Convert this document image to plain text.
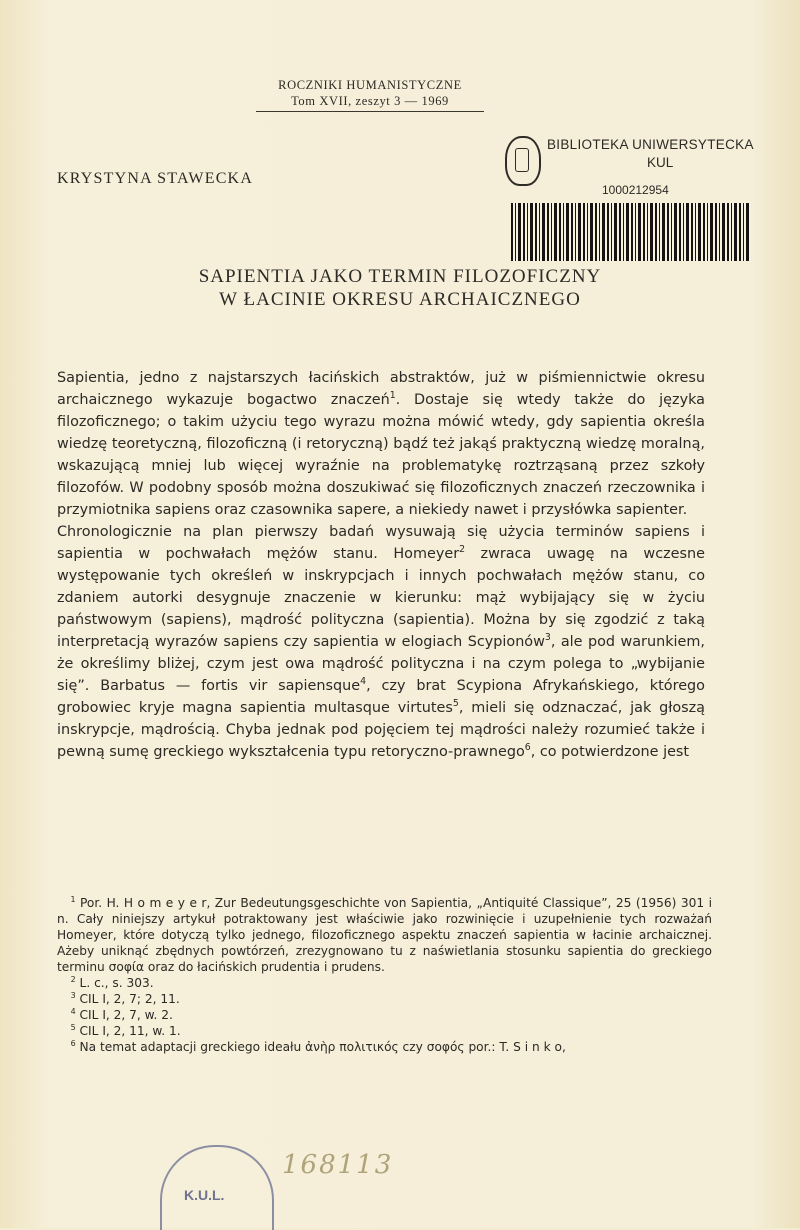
ROCZNIKI HUMANISTYCZNE
Tom XVII, zeszyt 3 — 1969
KRYSTYNA STAWECKA
BIBLIOTEKA UNIWERSYTECKA
KUL
1000212954
SAPIENTIA JAKO TERMIN FILOZOFICZNY
W ŁACINIE OKRESU ARCHAICZNEGO

Sapientia, jedno z najstarszych łacińskich abstraktów, już w piśmiennictwie okresu archaicznego wykazuje bogactwo znaczeń$^1$. Dostaje się wtedy także do języka filozoficznego; o takim użyciu tego wyrazu można mówić wtedy, gdy sapientia określa wiedzę teoretyczną, filozoficzną (i retoryczną) bądź też jakąś praktyczną wiedzę moralną, wskazującą mniej lub więcej wyraźnie na problematykę roztrząsaną przez szkoły filozofów. W podobny sposób można doszukiwać się filozoficznych znaczeń rzeczownika i przymiotnika sapiens oraz czasownika sapere, a niekiedy nawet i przysłówka sapienter.

Chronologicznie na plan pierwszy badań wysuwają się użycia terminów sapiens i sapientia w pochwałach mężów stanu. Homeyer$^2$ zwraca uwagę na wczesne występowanie tych określeń w inskrypcjach i innych pochwałach mężów stanu, co zdaniem autorki desygnuje znaczenie w kierunku: mąż wybijający się w życiu państwowym (sapiens), mądrość polityczna (sapientia). Można by się zgodzić z taką interpretacją wyrazów sapiens czy sapientia w elogiach Scypionów$^3$, ale pod warunkiem, że określimy bliżej, czym jest owa mądrość polityczna i na czym polega to „wybijanie się”. Barbatus — fortis vir sapiensque$^4$, czy brat Scypiona Afrykańskiego, którego grobowiec kryje magna sapientia multasque virtutes$^5$, mieli się odznaczać, jak głoszą inskrypcje, mądrością. Chyba jednak pod pojęciem tej mądrości należy rozumieć także i pewną sumę greckiego wykształcenia typu retoryczno-prawnego$^6$, co potwierdzone jest

$^1$ Por. H. H o m e y e r, Zur Bedeutungsgeschichte von Sapientia, „Antiquité Classique”, 25 (1956) 301 i n. Cały niniejszy artykuł potraktowany jest właściwie jako rozwinięcie i uzupełnienie tych rozważań Homeyer, które dotyczą tylko jednego, filozoficznego aspektu znaczeń sapientia w łacinie archaicznej. Ażeby uniknąć zbędnych powtórzeń, zrezygnowano tu z naświetlania stosunku sapientia do greckiego terminu σοφία oraz do łacińskich prudentia i prudens.

$^2$ L. c., s. 303.

$^3$ CIL I, 2, 7; 2, 11.

$^4$ CIL I, 2, 7, w. 2.

$^5$ CIL I, 2, 11, w. 1.

$^6$ Na temat adaptacji greckiego ideału ἀνὴρ πολιτικός czy σοφός por.: T. S i n k o,

K.U.L.
168113
